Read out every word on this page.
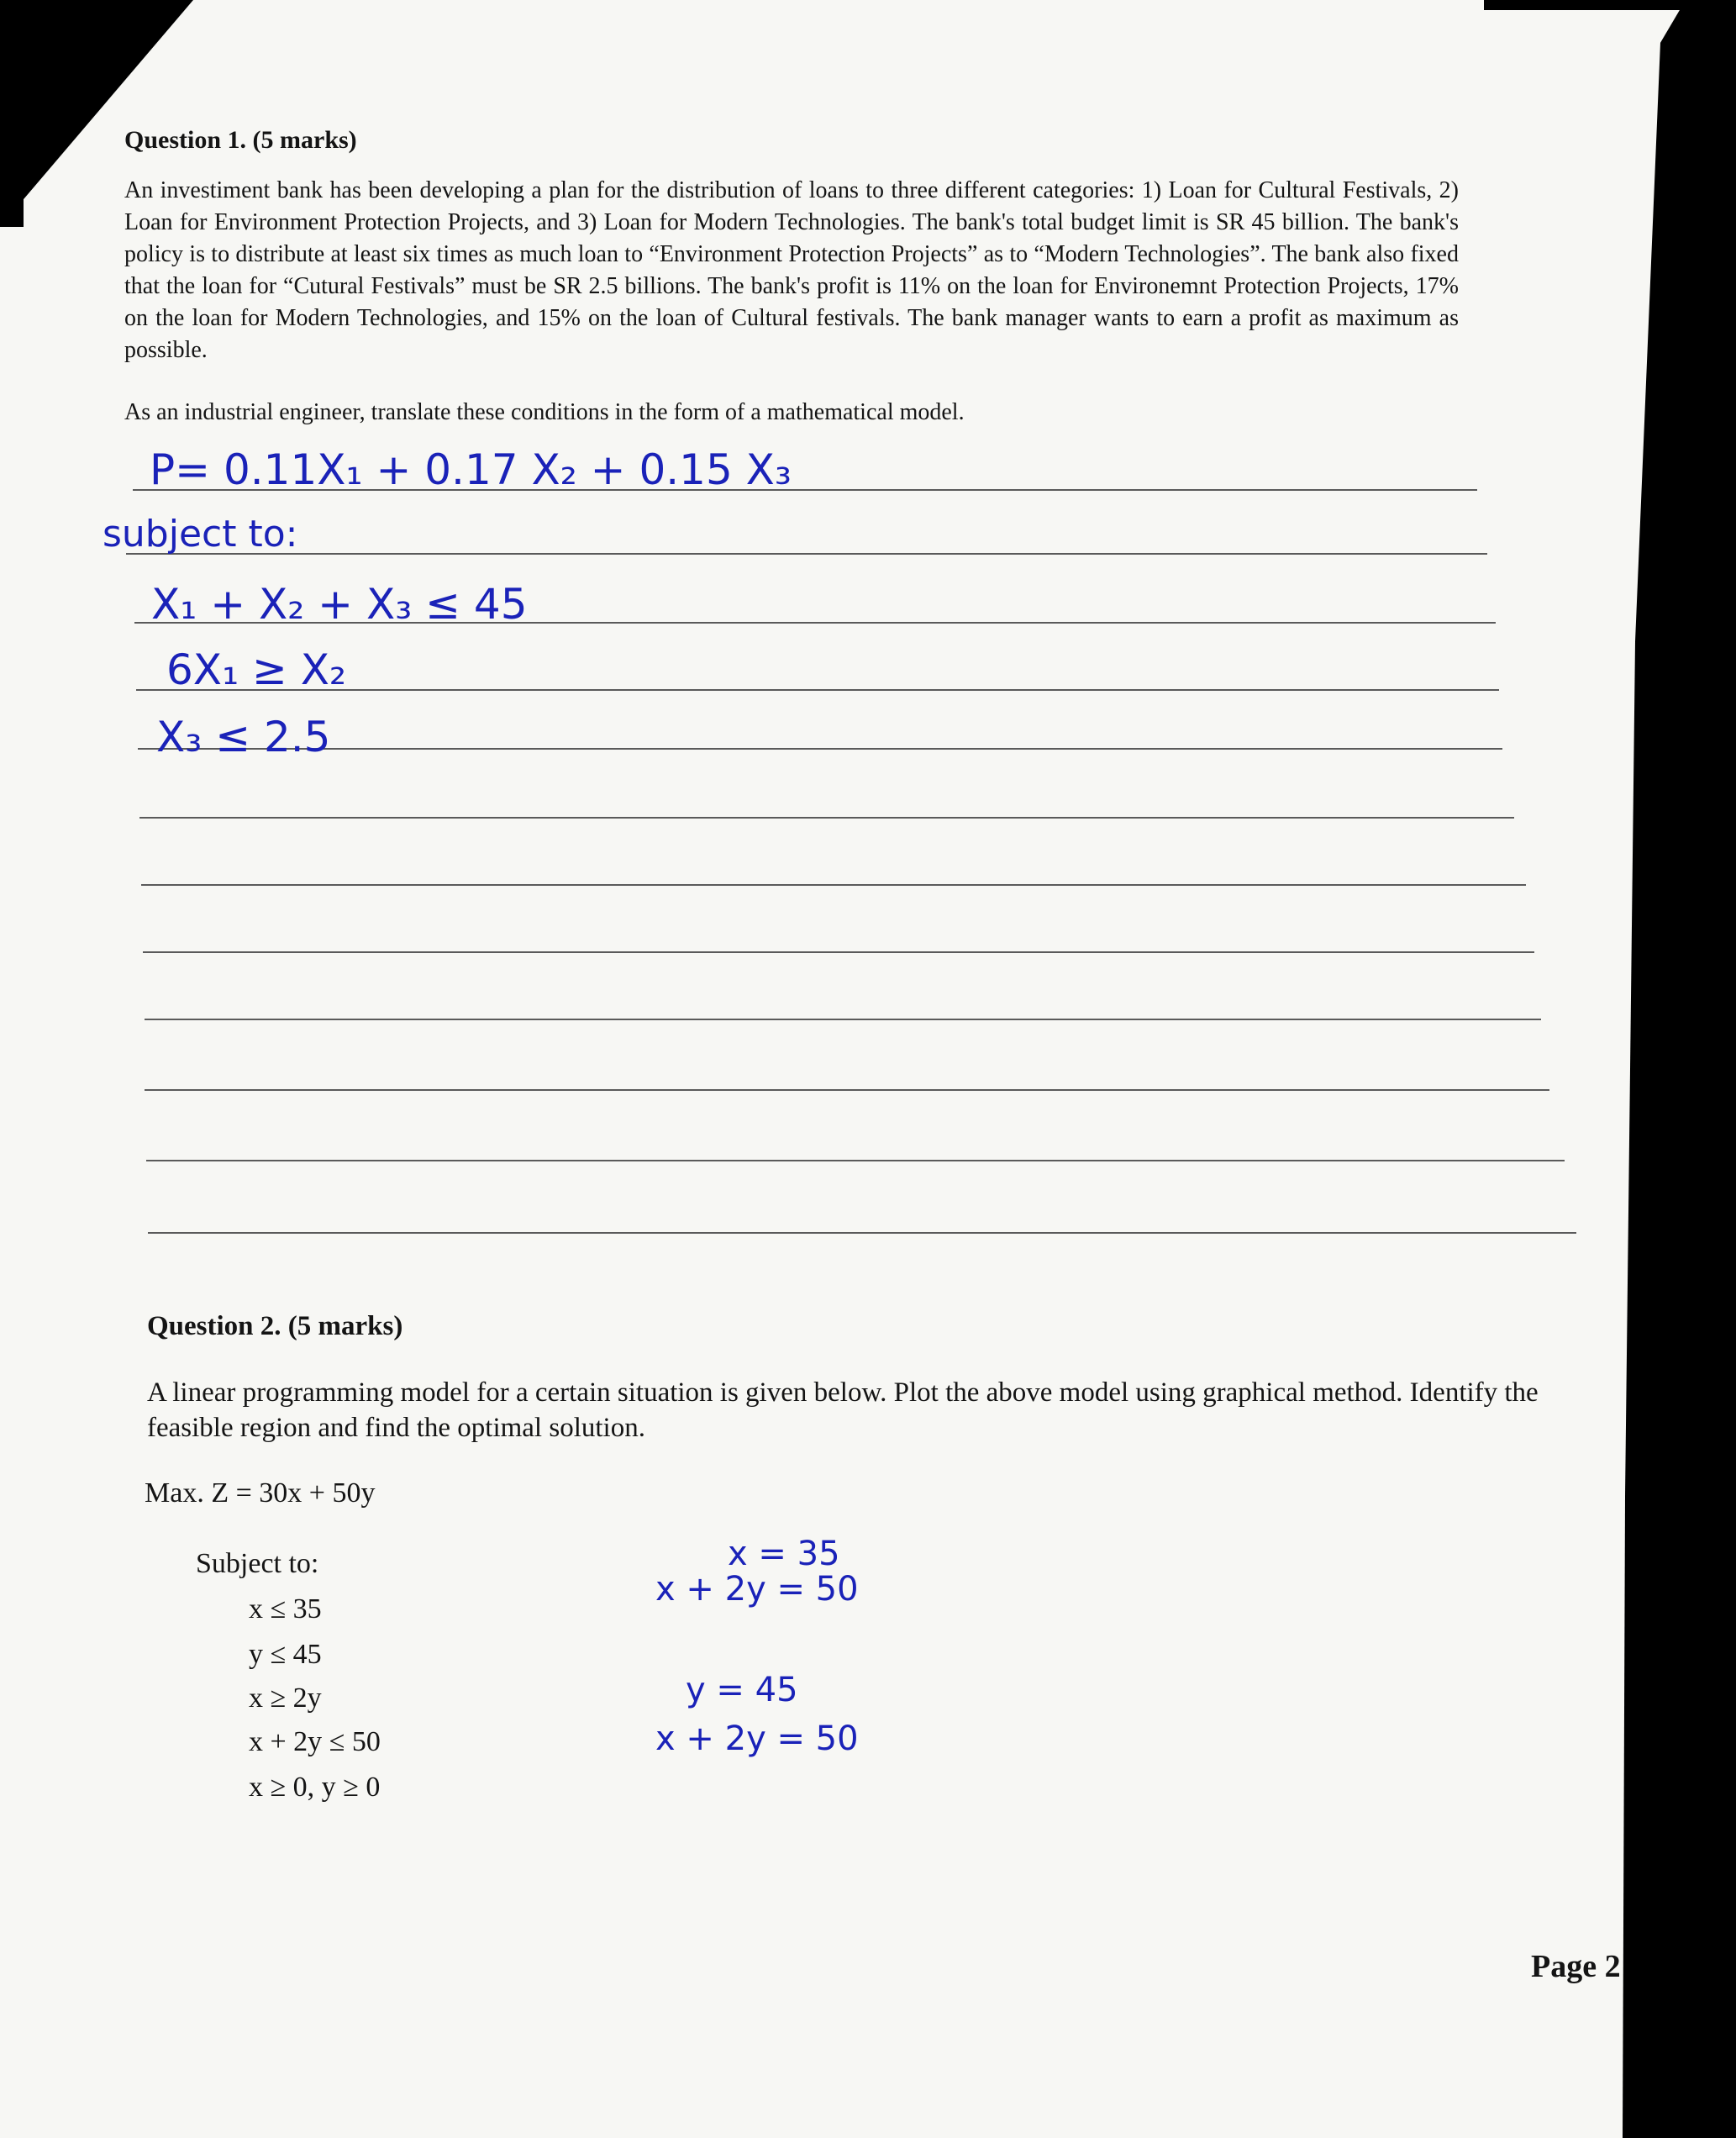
Question 1. (5 marks)
An investiment bank has been developing a plan for the distribution of loans to three different categories: 1) Loan for Cultural Festivals, 2) Loan for Environment Protection Projects, and 3) Loan for Modern Technologies. The bank's total budget limit is SR 45 billion. The bank's policy is to distribute at least six times as much loan to “Environment Protection Projects” as to “Modern Technologies”. The bank also fixed that the loan for “Cutural Festivals” must be SR 2.5 billions. The bank's profit is 11% on the loan for Environemnt Protection Projects, 17% on the loan for Modern Technologies, and 15% on the loan of Cultural festivals. The bank manager wants to earn a profit as maximum as possible.
As an industrial engineer, translate these conditions in the form of a mathematical model.
P= 0.11X₁ + 0.17 X₂ + 0.15 X₃
subject to:
X₁ + X₂ + X₃ ≤ 45
6X₁ ≥ X₂
X₃ ≤ 2.5
Question 2. (5 marks)
A linear programming model for a certain situation is given below. Plot the above model using graphical method. Identify the feasible region and find the optimal solution.
Max. Z = 30x + 50y
Subject to:
x ≤ 35
y ≤ 45
x ≥ 2y
x + 2y ≤ 50
x ≥ 0, y ≥ 0
x = 35
x + 2y = 50
y = 45
x + 2y = 50
Page 2
